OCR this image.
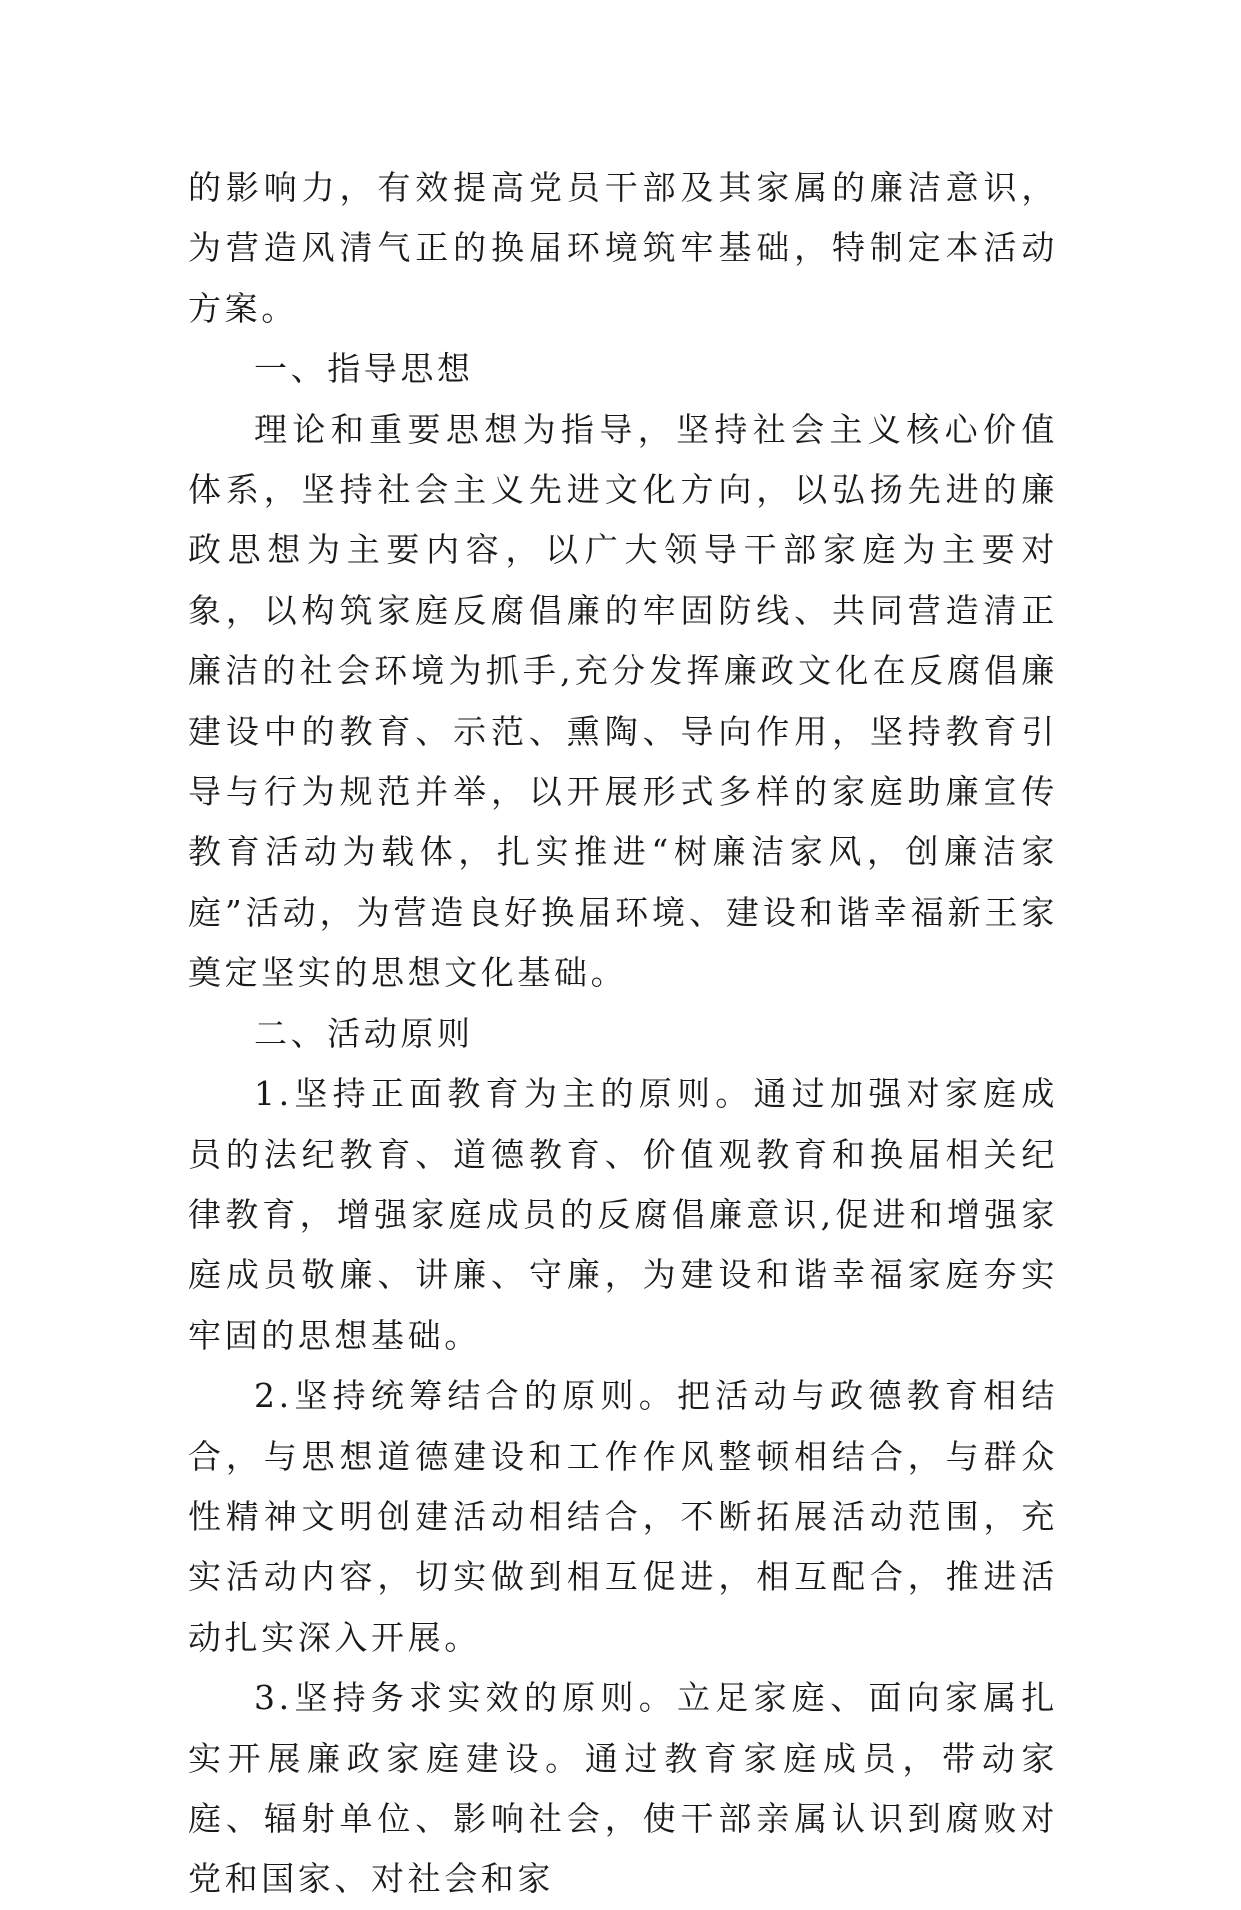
的影响力，有效提高党员干部及其家属的廉洁意识，为营造风清气正的换届环境筑牢基础，特制定本活动方案。

一、指导思想

理论和重要思想为指导，坚持社会主义核心价值体系，坚持社会主义先进文化方向，以弘扬先进的廉政思想为主要内容，以广大领导干部家庭为主要对象，以构筑家庭反腐倡廉的牢固防线、共同营造清正廉洁的社会环境为抓手,充分发挥廉政文化在反腐倡廉建设中的教育、示范、熏陶、导向作用，坚持教育引导与行为规范并举，以开展形式多样的家庭助廉宣传教育活动为载体，扎实推进“树廉洁家风，创廉洁家庭”活动，为营造良好换届环境、建设和谐幸福新王家奠定坚实的思想文化基础。

二、活动原则

1.坚持正面教育为主的原则。通过加强对家庭成员的法纪教育、道德教育、价值观教育和换届相关纪律教育，增强家庭成员的反腐倡廉意识,促进和增强家庭成员敬廉、讲廉、守廉，为建设和谐幸福家庭夯实牢固的思想基础。

2.坚持统筹结合的原则。把活动与政德教育相结合，与思想道德建设和工作作风整顿相结合，与群众性精神文明创建活动相结合，不断拓展活动范围，充实活动内容，切实做到相互促进，相互配合，推进活动扎实深入开展。

3.坚持务求实效的原则。立足家庭、面向家属扎实开展廉政家庭建设。通过教育家庭成员，带动家庭、辐射单位、影响社会，使干部亲属认识到腐败对党和国家、对社会和家
